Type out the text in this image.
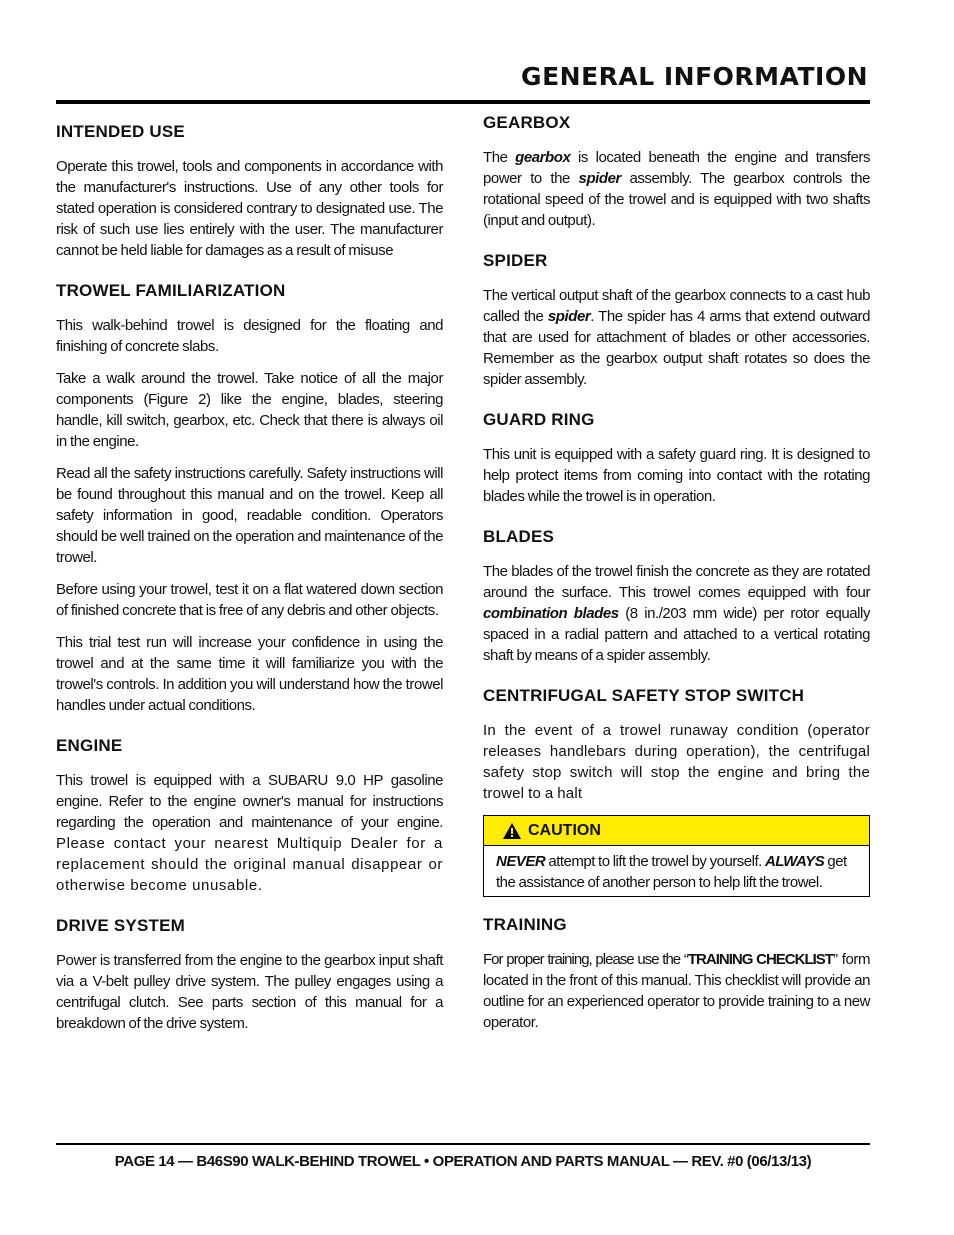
GENERAL INFORMATION
INTENDED USE

Operate this trowel, tools and components in accordance with the manufacturer's instructions. Use of any other tools for stated operation is considered contrary to designated use. The risk of such use lies entirely with the user. The manufacturer cannot be held liable for damages as a result of misuse

TROWEL FAMILIARIZATION

This walk-behind trowel is designed for the floating and finishing of concrete slabs.

Take a walk around the trowel. Take notice of all the major components (Figure 2) like the engine, blades, steering handle, kill switch, gearbox, etc. Check that there is always oil in the engine.

Read all the safety instructions carefully. Safety instructions will be found throughout this manual and on the trowel. Keep all safety information in good, readable condition. Operators should be well trained on the operation and maintenance of the trowel.

Before using your trowel, test it on a flat watered down section of finished concrete that is free of any debris and other objects.

This trial test run will increase your confidence in using the trowel and at the same time it will familiarize you with the trowel's controls. In addition you will understand how the trowel handles under actual conditions.

ENGINE

This trowel is equipped with a SUBARU 9.0 HP gasoline engine. Refer to the engine owner's manual for instructions regarding the operation and maintenance of your engine. Please contact your nearest Multiquip Dealer for a replacement should the original manual disappear or otherwise become unusable.

DRIVE SYSTEM

Power is transferred from the engine to the gearbox input shaft via a V-belt pulley drive system. The pulley engages using a centrifugal clutch. See parts section of this manual for a breakdown of the drive system.

GEARBOX

The gearbox is located beneath the engine and transfers power to the spider assembly. The gearbox controls the rotational speed of the trowel and is equipped with two shafts (input and output).

SPIDER

The vertical output shaft of the gearbox connects to a cast hub called the spider. The spider has 4 arms that extend outward that are used for attachment of blades or other accessories. Remember as the gearbox output shaft rotates so does the spider assembly.

GUARD RING

This unit is equipped with a safety guard ring. It is designed to help protect items from coming into contact with the rotating blades while the trowel is in operation.

BLADES

The blades of the trowel finish the concrete as they are rotated around the surface. This trowel comes equipped with four combination blades (8 in./203 mm wide) per rotor equally spaced in a radial pattern and attached to a vertical rotating shaft by means of a spider assembly.

CENTRIFUGAL SAFETY STOP SWITCH

In the event of a trowel runaway condition (operator releases handlebars during operation), the centrifugal safety stop switch will stop the engine and bring the trowel to a halt

CAUTION
NEVER attempt to lift the trowel by yourself. ALWAYS get the assistance of another person to help lift the trowel.
TRAINING

For proper training, please use the “TRAINING CHECKLIST” form located in the front of this manual. This checklist will provide an outline for an experienced operator to provide training to a new operator.

PAGE 14 — B46S90 WALK-BEHIND TROWEL • OPERATION AND PARTS MANUAL — REV. #0 (06/13/13)
